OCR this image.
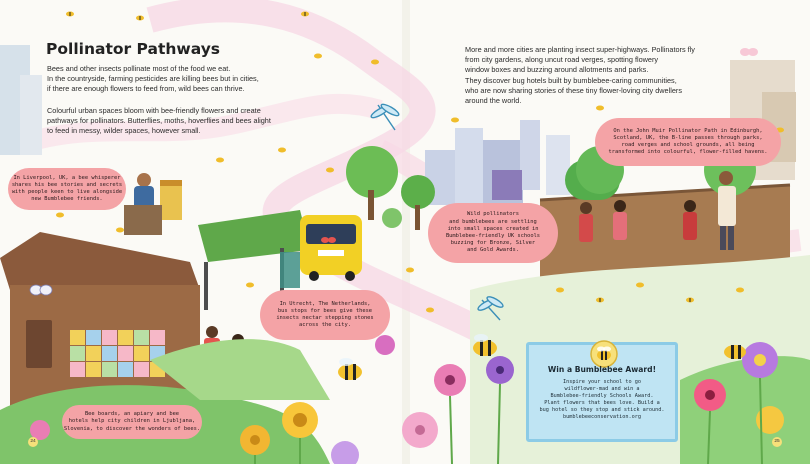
Pollinator Pathways
Bees and other insects pollinate most of the food we eat.
In the countryside, farming pesticides are killing bees but in cities,
if there are enough flowers to feed from, wild bees can thrive.
Colourful urban spaces bloom with bee-friendly flowers and create
pathways for pollinators. Butterflies, moths, hoverflies and bees alight
to feed in messy, wilder spaces, however small.
More and more cities are planting insect super-highways. Pollinators fly
from city gardens, along uncut road verges, spotting flowery
window boxes and buzzing around allotments and parks.
They discover bug hotels built by bumblebee-caring communities,
who are now sharing stories of these tiny flower-loving city dwellers
around the world.
In Liverpool, UK, a bee whisperer
shares his bee stories and secrets
with people keen to live alongside
new Bumblebee friends.
On the John Muir Pollinator Path in Edinburgh,
Scotland, UK, the B-line passes through parks,
road verges and school grounds, all being
transformed into colourful, flower-filled havens.
Wild pollinators
and bumblebees are settling
into small spaces created in
Bumblebee-friendly UK schools
buzzing for Bronze, Silver
and Gold Awards.
In Utrecht, The Netherlands,
bus stops for bees give these
insects nectar stepping stones
across the city.
Bee boards, an apiary and bee
hotels help city children in Ljubljana,
Slovenia, to discover the wonders of bees.
Win a Bumblebee Award!
Inspire your school to go
wildflower-mad and win a
Bumblebee-friendly Schools Award.
Plant flowers that bees love. Build a
bug hotel so they stop and stick around.
bumblebeeconservation.org
24	25
